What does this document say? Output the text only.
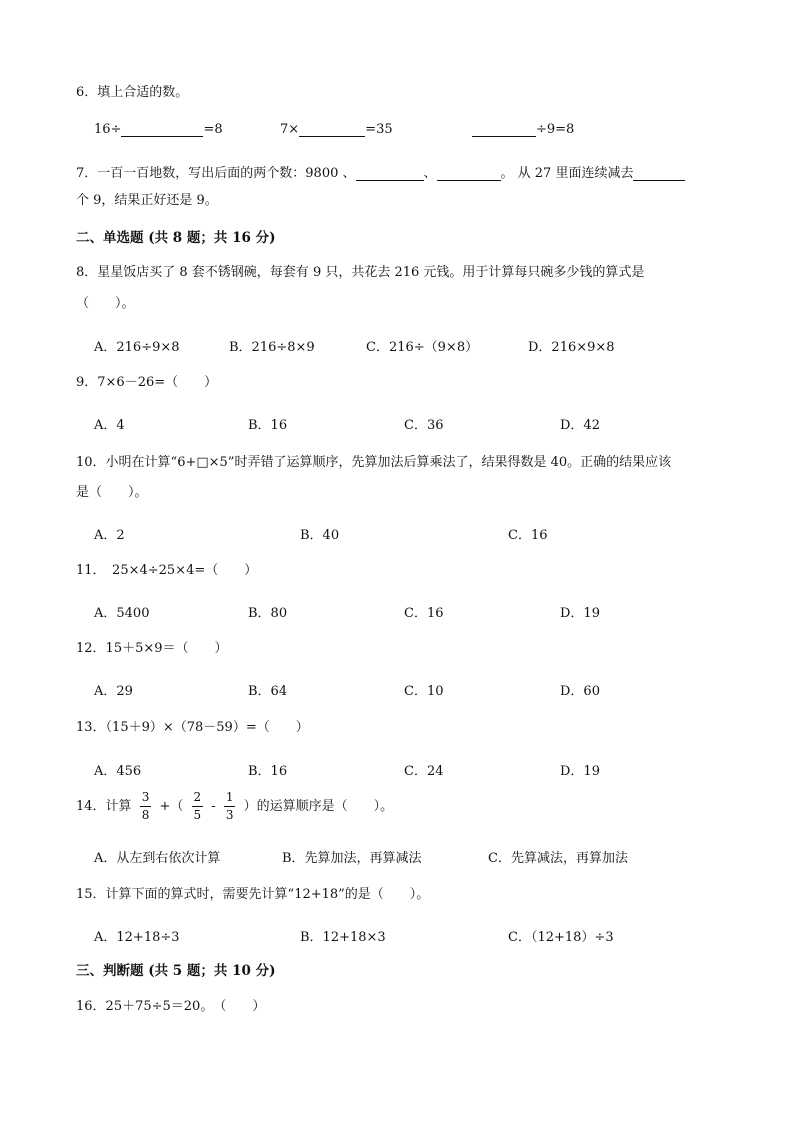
6．填上合适的数。
16÷	=8	7×	=35	÷9=8
7．一百一百地数，写出后面的两个数：9800 、	、	。 从 27 里面连续减去
个 9，结果正好还是 9。
二、单选题 (共 8 题；共 16 分)
8．星星饭店买了 8 套不锈钢碗，每套有 9 只，共花去 216 元钱。用于计算每只碗多少钱的算式是
（　　）。
A．216÷9×8	B．216÷8×9	C．216÷（9×8）	D．216×9×8
9．7×6－26=（　　）
A．4	B．16	C．36	D．42
10．小明在计算“6+□×5”时弄错了运算顺序，先算加法后算乘法了，结果得数是 40。正确的结果应该
是（　　）。
A．2	B．40	C．16
11．　25×4÷25×4=（　　）
A．5400	B．80	C．16	D．19
12．15＋5×9＝（　　）
A．29	B．64	C．10	D．60
13．（15＋9）×（78－59）=（　　）
A．456	B．16	C．24	D．19
14．计算 $\frac{3}{8}$ +（ $\frac{2}{5} - \frac{1}{3}$ ）的运算顺序是（　　）。
A．从左到右依次计算	B．先算加法，再算减法	C．先算减法，再算加法
15．计算下面的算式时，需要先计算“12+18”的是（　　）。
A．12+18÷3	B．12+18×3	C．（12+18）÷3
三、判断题 (共 5 题；共 10 分)
16．25＋75÷5＝20。　（　　）
